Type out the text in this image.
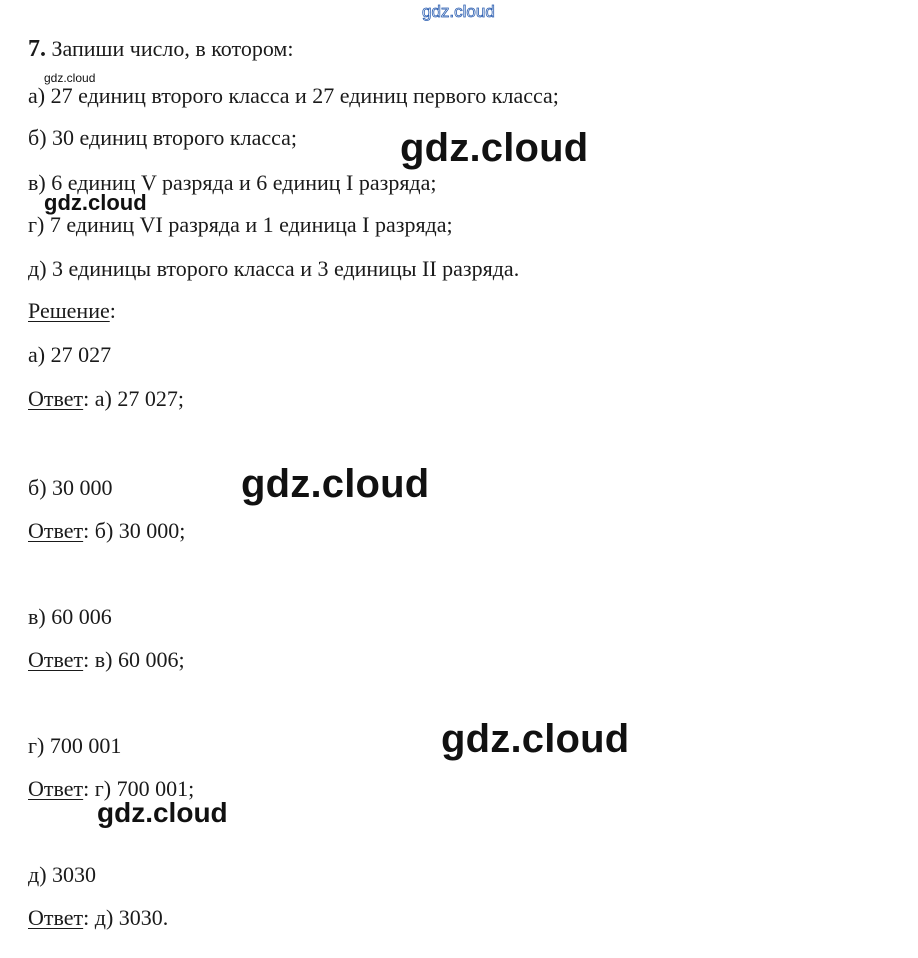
gdz.cloud

7. Запиши число, в котором:

gdz.cloud

а) 27 единиц второго класса и 27 единиц первого класса;

б) 30 единиц второго класса;

в) 6 единиц V разряда и 6 единиц I разряда;

г) 7 единиц VI разряда и 1 единица I разряда;

д) 3 единицы второго класса и 3 единицы II разряда.

gdz.cloud

gdz.cloud

Решение:

а) 27 027

Ответ: а) 27 027;

б) 30 000

Ответ: б) 30 000;

gdz.cloud

в) 60 006

Ответ: в) 60 006;

г) 700 001

Ответ: г) 700 001;

gdz.cloud

gdz.cloud

д) 3030

Ответ: д) 3030.
